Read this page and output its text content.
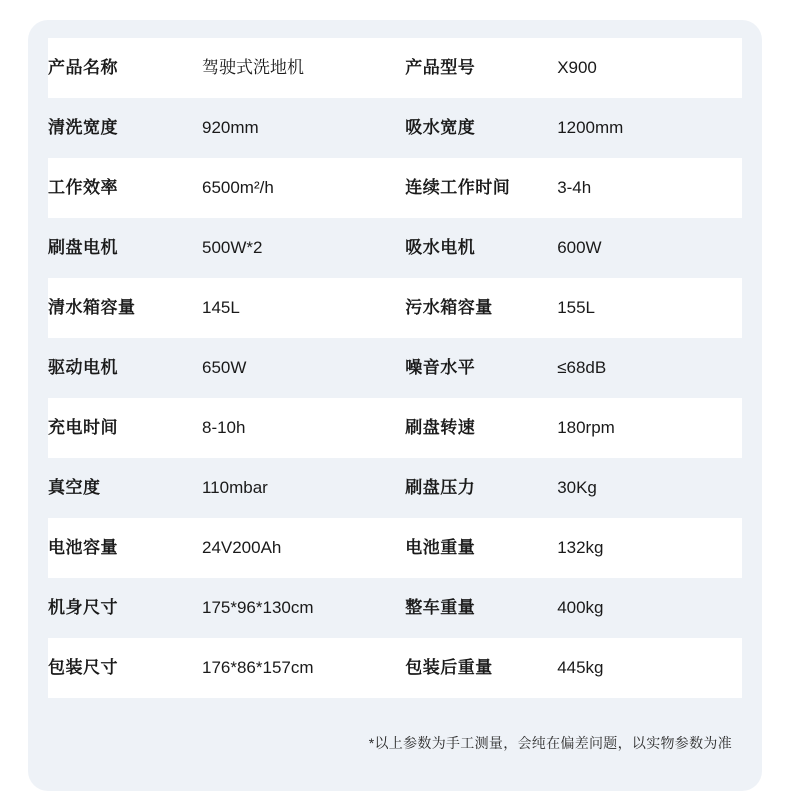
产品名称	驾驶式洗地机	产品型号	X900
清洗宽度	920mm	吸水宽度	1200mm
工作效率	6500m²/h	连续工作时间	3-4h
刷盘电机	500W*2	吸水电机	600W
清水箱容量	145L	污水箱容量	155L
驱动电机	650W	噪音水平	≤68dB
充电时间	8-10h	刷盘转速	180rpm
真空度	110mbar	刷盘压力	30Kg
电池容量	24V200Ah	电池重量	132kg
机身尺寸	175*96*130cm	整车重量	400kg
包装尺寸	176*86*157cm	包装后重量	445kg
*以上参数为手工测量，会纯在偏差问题，以实物参数为准
